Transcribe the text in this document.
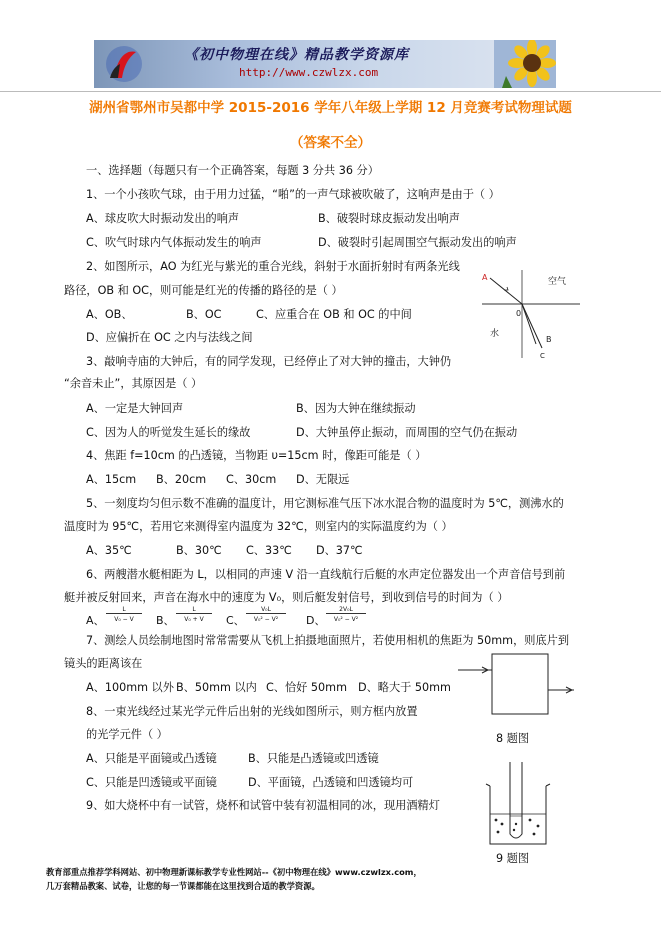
《初中物理在线》精品教学资源库
http://www.czwlzx.com
湖州省鄂州市吴都中学 2015-2016 学年八年级上学期 12 月竞赛考试物理试题
（答案不全）
一、选择题（每题只有一个正确答案，每题 3 分共 36 分）
1、一个小孩吹气球，由于用力过猛，“啪”的一声气球被吹破了，这响声是由于（ ）
A、球皮吹大时振动发出的响声	B、破裂时球皮振动发出响声
C、吹气时球内气体振动发生的响声	D、破裂时引起周围空气振动发出的响声
2、如图所示，AO 为红光与紫光的重合光线，斜射于水面折射时有两条光线
路径，OB 和 OC，则可能是红光的传播的路径的是（ ）
A、OB、	B、OC	C、应重合在 OB 和 OC 的中间
D、应偏折在 OC 之内与法线之间
A
0
B
C
空气
水
3、敲响寺庙的大钟后，有的同学发现，已经停止了对大钟的撞击，大钟仍
“余音未止”，其原因是（ ）
A、一定是大钟回声	B、因为大钟在继续振动
C、因为人的听觉发生延长的缘故	D、大钟虽停止振动，而周围的空气仍在振动
4、焦距 f=10cm 的凸透镜，当物距 υ=15cm 时，像距可能是（ ）
A、15cm B、20cm C、30cm D、无限远
5、一刻度均匀但示数不准确的温度计，用它测标准气压下冰水混合物的温度时为 5℃，测沸水的
温度时为 95℃，若用它来测得室内温度为 32℃，则室内的实际温度约为（ ）
A、35℃	B、30℃ C、33℃ D、37℃
6、两艘潜水艇相距为 L，以相同的声速 V 沿一直线航行后艇的水声定位器发出一个声音信号到前
艇并被反射回来，声音在海水中的速度为 V₀，则后艇发射信号，到收到信号的时间为（ ）
A、
L
V₀ − V	B、
L
V₀ + V	C、
V₀L
V₀² − V²	D、
2V₀L
V₀² − V²
7、测绘人员绘制地图时常常需要从飞机上拍摄地面照片，若使用相机的焦距为 50mm，则底片到
镜头的距离该在
A、100mm 以外 B、50mm 以内 C、恰好 50mm D、略大于 50mm
8 题图
8、一束光线经过某光学元件后出射的光线如图所示，则方框内放置
的光学元件（ ）
A、只能是平面镜或凸透镜	B、只能是凸透镜或凹透镜
C、只能是凹透镜或平面镜	D、平面镜，凸透镜和凹透镜均可
9、如大烧杯中有一试管，烧杯和试管中装有初温相同的冰，现用酒精灯
9 题图
教育部重点推荐学科网站、初中物理新课标教学专业性网站--《初中物理在线》www.czwlzx.com，
几万套精品教案、试卷，让您的每一节课都能在这里找到合适的教学资源。
